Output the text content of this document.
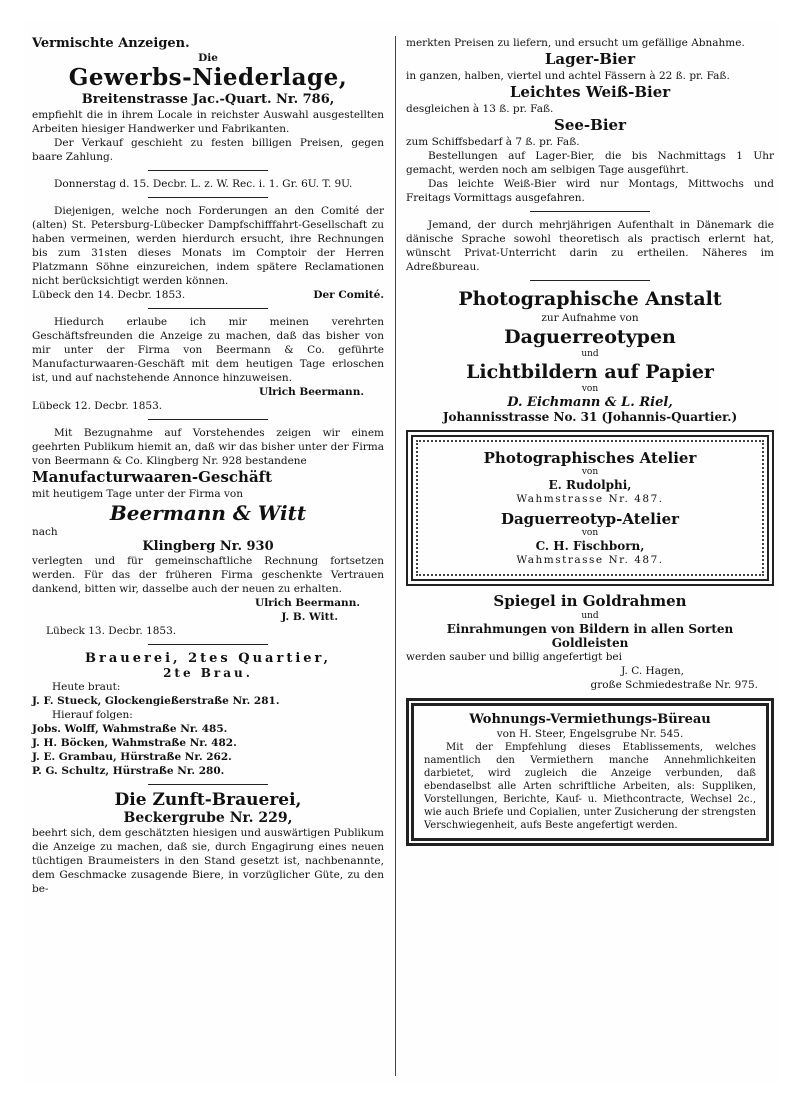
Vermischte Anzeigen.
Die
Gewerbs-Niederlage,
Breitenstrasse Jac.-Quart. Nr. 786,

empfiehlt die in ihrem Locale in reichster Auswahl ausgestellten Arbeiten hiesiger Handwerker und Fabrikanten.

Der Verkauf geschieht zu festen billigen Preisen, gegen baare Zahlung.

Donnerstag d. 15. Decbr. L. z. W. Rec. i. 1. Gr. 6U. T. 9U.

Diejenigen, welche noch Forderungen an den Comité der (alten) St. Petersburg-Lübecker Dampfschifffahrt-Gesellschaft zu haben vermeinen, werden hierdurch ersucht, ihre Rechnungen bis zum 31sten dieses Monats im Comptoir der Herren Platzmann Söhne einzureichen, indem spätere Reclamationen nicht berücksichtigt werden können.

Lübeck den 14. Decbr. 1853.	Der Comité.

Hiedurch erlaube ich mir meinen verehrten Geschäftsfreunden die Anzeige zu machen, daß das bisher von mir unter der Firma von Beermann & Co. geführte Manufacturwaaren-Geschäft mit dem heutigen Tage erloschen ist, und auf nachstehende Annonce hinzuweisen.

Ulrich Beermann.
Lübeck 12. Decbr. 1853.

Mit Bezugnahme auf Vorstehendes zeigen wir einem geehrten Publikum hiemit an, daß wir das bisher unter der Firma von Beermann & Co. Klingberg Nr. 928 bestandene

Manufacturwaaren-Geschäft
mit heutigem Tage unter der Firma von
Beermann & Witt
nach
Klingberg Nr. 930

verlegten und für gemeinschaftliche Rechnung fortsetzen werden. Für das der früheren Firma geschenkte Vertrauen dankend, bitten wir, dasselbe auch der neuen zu erhalten.

Ulrich Beermann.
J. B. Witt.
Lübeck 13. Decbr. 1853.
Brauerei, 2tes Quartier,
2te Brau.
Heute braut:
J. F. Stueck, Glockengießerstraße Nr. 281.
Hierauf folgen:
Jobs. Wolff, Wahmstraße Nr. 485.
J. H. Böcken, Wahmstraße Nr. 482.
J. E. Grambau, Hürstraße Nr. 262.
P. G. Schultz, Hürstraße Nr. 280.
Die Zunft-Brauerei,
Beckergrube Nr. 229,

beehrt sich, dem geschätzten hiesigen und auswärtigen Publikum die Anzeige zu machen, daß sie, durch Engagirung eines neuen tüchtigen Braumeisters in den Stand gesetzt ist, nachbenannte, dem Geschmacke zusagende Biere, in vorzüglicher Güte, zu den be-

merkten Preisen zu liefern, und ersucht um gefällige Abnahme.

Lager-Bier
in ganzen, halben, viertel und achtel Fässern à 22 ß. pr. Faß.
Leichtes Weiß-Bier
desgleichen à 13 ß. pr. Faß.
See-Bier
zum Schiffsbedarf à 7 ß. pr. Faß.

Bestellungen auf Lager-Bier, die bis Nachmittags 1 Uhr gemacht, werden noch am selbigen Tage ausgeführt.

Das leichte Weiß-Bier wird nur Montags, Mittwochs und Freitags Vormittags ausgefahren.

Jemand, der durch mehrjährigen Aufenthalt in Dänemark die dänische Sprache sowohl theoretisch als practisch erlernt hat, wünscht Privat-Unterricht darin zu ertheilen. Näheres im Adreßbureau.

Photographische Anstalt
zur Aufnahme von
Daguerreotypen
und
Lichtbildern auf Papier
von
D. Eichmann & L. Riel,
Johannisstrasse No. 31 (Johannis-Quartier.)
Photographisches Atelier
von
E. Rudolphi,
Wahmstrasse Nr. 487.
Daguerreotyp-Atelier
von
C. H. Fischborn,
Wahmstrasse Nr. 487.
Spiegel in Goldrahmen
und
Einrahmungen von Bildern in allen Sorten
Goldleisten
werden sauber und billig angefertigt bei
J. C. Hagen,
große Schmiedestraße Nr. 975.
Wohnungs-Vermiethungs-Büreau
von H. Steer, Engelsgrube Nr. 545.

Mit der Empfehlung dieses Etablissements, welches namentlich den Vermiethern manche Annehmlichkeiten darbietet, wird zugleich die Anzeige verbunden, daß ebendaselbst alle Arten schriftliche Arbeiten, als: Suppliken, Vorstellungen, Berichte, Kauf- u. Miethcontracte, Wechsel 2c., wie auch Briefe und Copialien, unter Zusicherung der strengsten Verschwiegenheit, aufs Beste angefertigt werden.
